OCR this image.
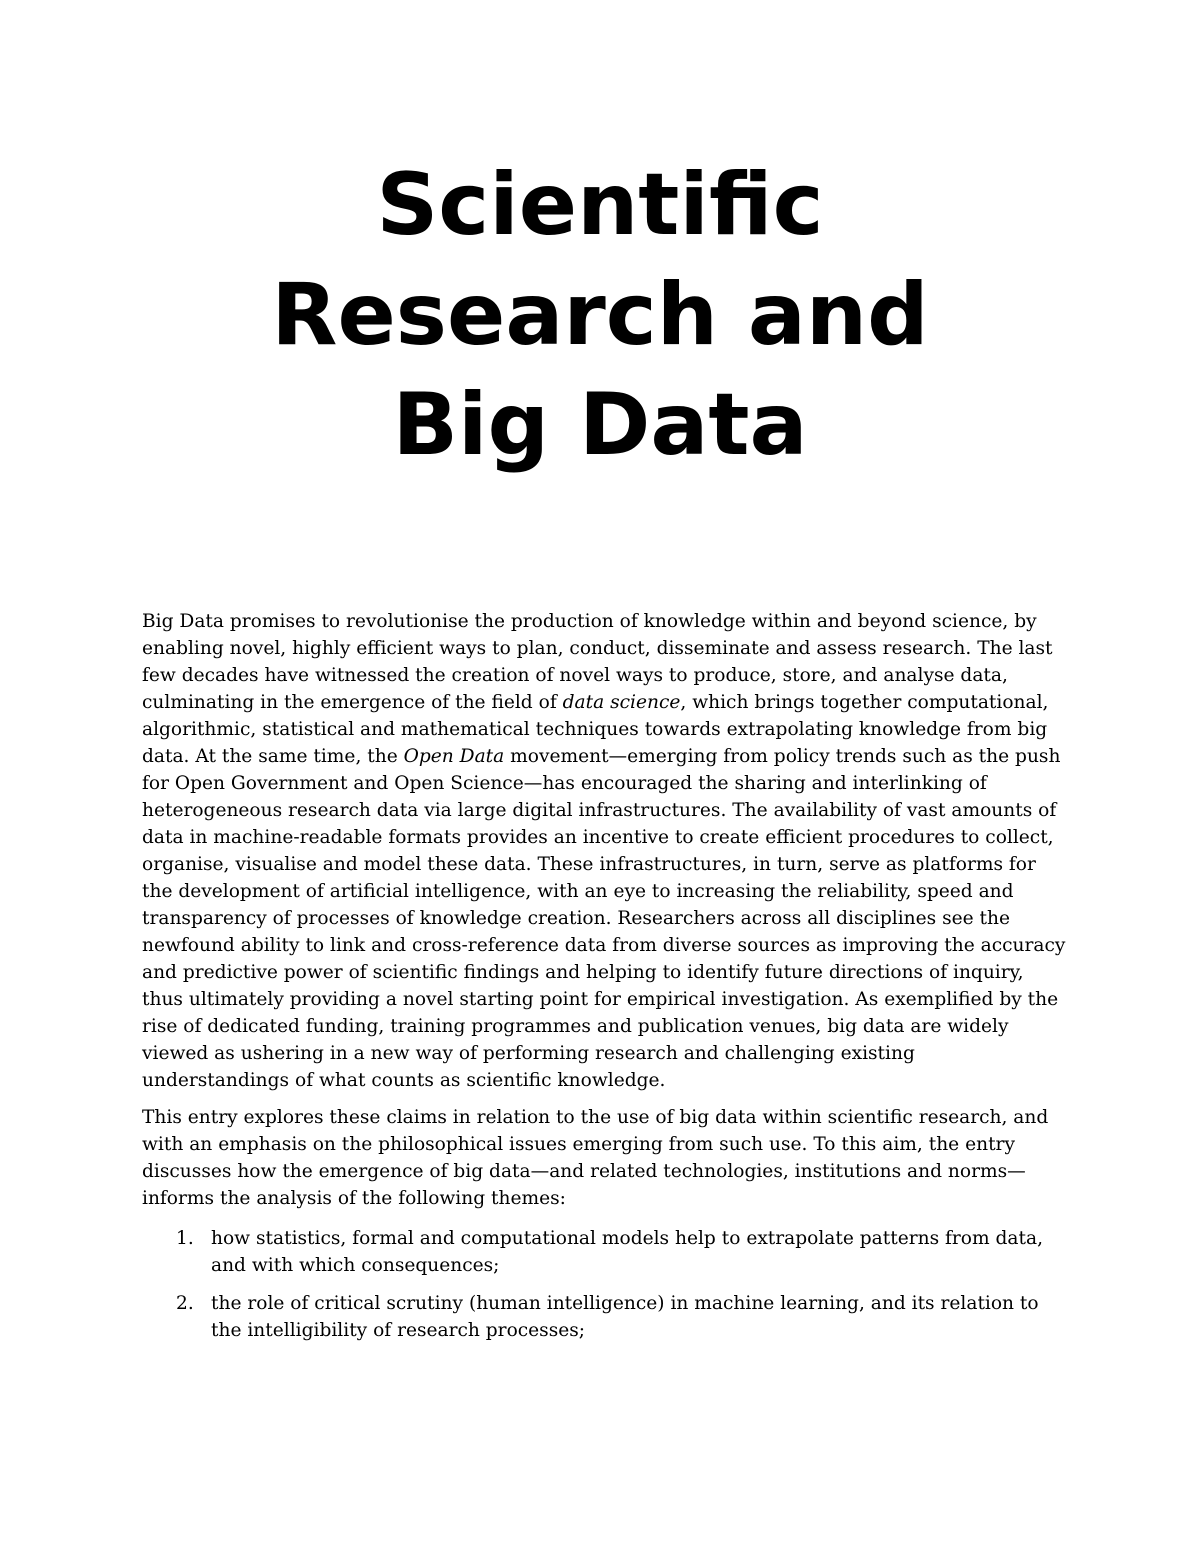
Scientific
Research and
Big Data

Big Data promises to revolutionise the production of knowledge within and beyond science, by enabling novel, highly efficient ways to plan, conduct, disseminate and assess research. The last few decades have witnessed the creation of novel ways to produce, store, and analyse data, culminating in the emergence of the field of data science, which brings together computational, algorithmic, statistical and mathematical techniques towards extrapolating knowledge from big data. At the same time, the Open Data movement—emerging from policy trends such as the push for Open Government and Open Science—has encouraged the sharing and interlinking of heterogeneous research data via large digital infrastructures. The availability of vast amounts of data in machine-readable formats provides an incentive to create efficient procedures to collect, organise, visualise and model these data. These infrastructures, in turn, serve as platforms for the development of artificial intelligence, with an eye to increasing the reliability, speed and transparency of processes of knowledge creation. Researchers across all disciplines see the newfound ability to link and cross-reference data from diverse sources as improving the accuracy and predictive power of scientific findings and helping to identify future directions of inquiry, thus ultimately providing a novel starting point for empirical investigation. As exemplified by the rise of dedicated funding, training programmes and publication venues, big data are widely viewed as ushering in a new way of performing research and challenging existing understandings of what counts as scientific knowledge.

This entry explores these claims in relation to the use of big data within scientific research, and with an emphasis on the philosophical issues emerging from such use. To this aim, the entry discusses how the emergence of big data—and related technologies, institutions and norms—informs the analysis of the following themes:

1. how statistics, formal and computational models help to extrapolate patterns from data, and with which consequences;
2. the role of critical scrutiny (human intelligence) in machine learning, and its relation to the intelligibility of research processes;
